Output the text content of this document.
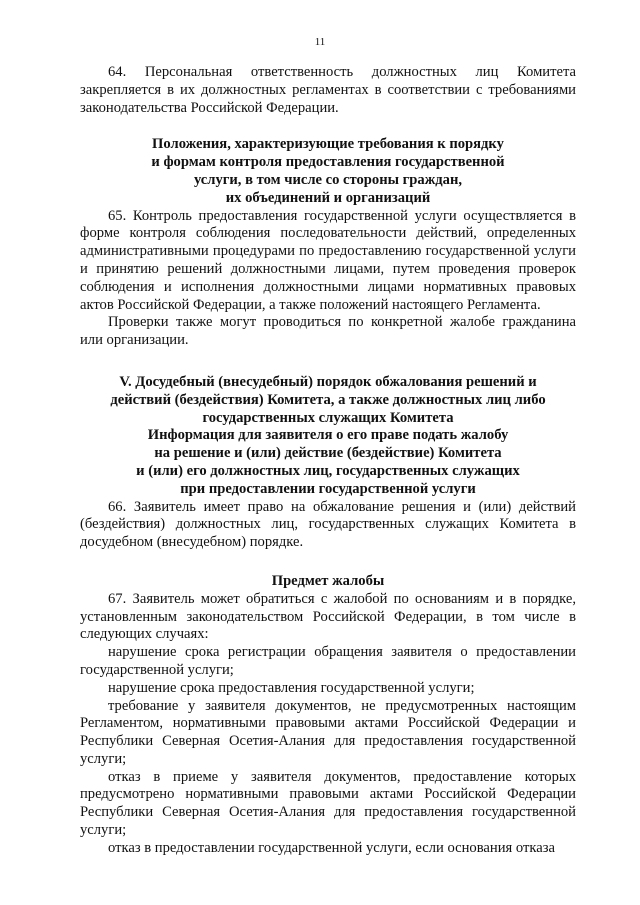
11

64. Персональная ответственность должностных лиц Комитета закрепляется в их должностных регламентах в соответствии с требованиями законодательства Российской Федерации.

Положения, характеризующие требования к порядку
и формам контроля предоставления государственной
услуги, в том числе со стороны граждан,
их объединений и организаций

65. Контроль предоставления государственной услуги осуществляется в форме контроля соблюдения последовательности действий, определенных административными процедурами по предоставлению государственной услуги и принятию решений должностными лицами, путем проведения проверок соблюдения и исполнения должностными лицами нормативных правовых актов Российской Федерации, а также положений настоящего Регламента.

Проверки также могут проводиться по конкретной жалобе гражданина или организации.

V. Досудебный (внесудебный) порядок обжалования решений и
действий (бездействия) Комитета, а также должностных лиц либо
государственных служащих Комитета
Информация для заявителя о его праве подать жалобу
на решение и (или) действие (бездействие) Комитета
и (или) его должностных лиц, государственных служащих
при предоставлении государственной услуги

66. Заявитель имеет право на обжалование решения и (или) действий (бездействия) должностных лиц, государственных служащих Комитета в досудебном (внесудебном) порядке.

Предмет жалобы

67. Заявитель может обратиться с жалобой по основаниям и в порядке, установленным законодательством Российской Федерации, в том числе в следующих случаях:

нарушение срока регистрации обращения заявителя о предоставлении государственной услуги;

нарушение срока предоставления государственной услуги;

требование у заявителя документов, не предусмотренных настоящим Регламентом, нормативными правовыми актами Российской Федерации и Республики Северная Осетия-Алания для предоставления государственной услуги;

отказ в приеме у заявителя документов, предоставление которых предусмотрено нормативными правовыми актами Российской Федерации Республики Северная Осетия-Алания для предоставления государственной услуги;

отказ в предоставлении государственной услуги, если основания отказа
